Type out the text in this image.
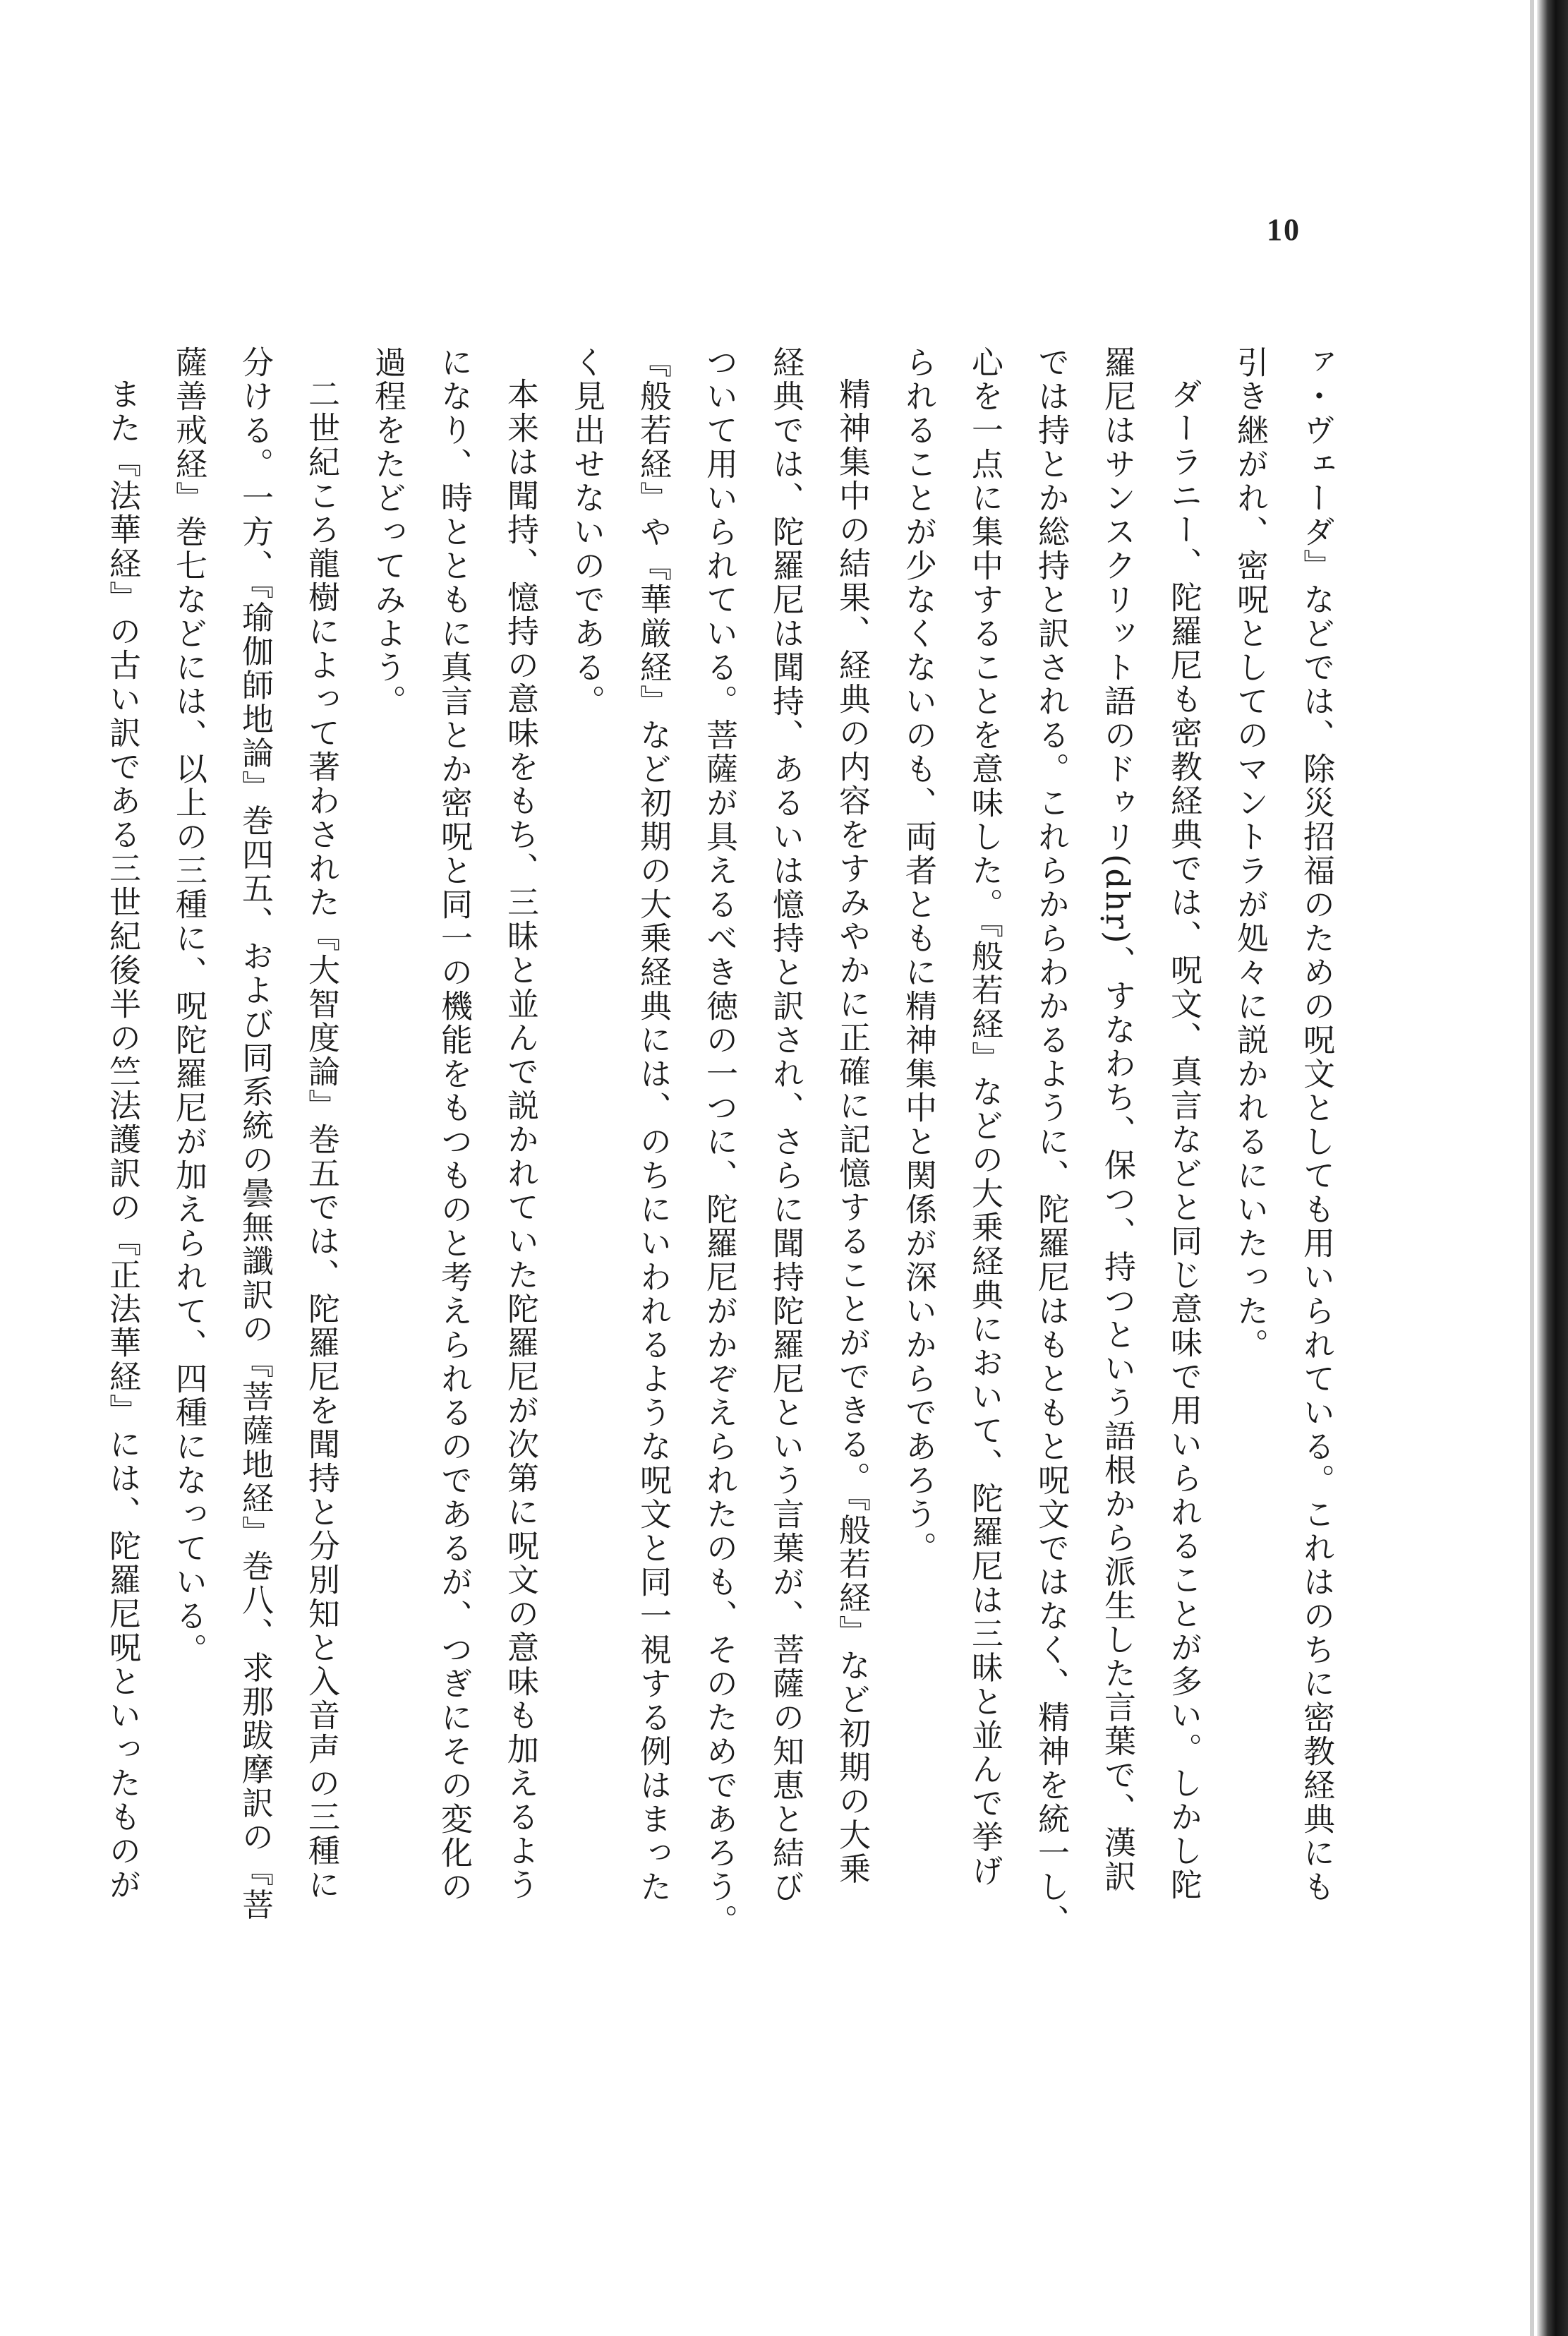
10

ァ・ヴェーダ』などでは、除災招福のための呪文としても用いられている。これはのちに密教経典にも
引き継がれ、密呪としてのマントラが処々に説かれるにいたった。

ダーラニー、陀羅尼も密教経典では、呪文、真言などと同じ意味で用いられることが多い。しかし陀
羅尼はサンスクリット語のドゥリ(dhṛ)、すなわち、保つ、持つという語根から派生した言葉で、漢訳
では持とか総持と訳される。これらからわかるように、陀羅尼はもともと呪文ではなく、精神を統一し、
心を一点に集中することを意味した。『般若経』などの大乗経典において、陀羅尼は三昧と並んで挙げ
られることが少なくないのも、両者ともに精神集中と関係が深いからであろう。

精神集中の結果、経典の内容をすみやかに正確に記憶することができる。『般若経』など初期の大乗
経典では、陀羅尼は聞持、あるいは憶持と訳され、さらに聞持陀羅尼という言葉が、菩薩の知恵と結び
ついて用いられている。菩薩が具えるべき徳の一つに、陀羅尼がかぞえられたのも、そのためであろう。
『般若経』や『華厳経』など初期の大乗経典には、のちにいわれるような呪文と同一視する例はまった
く見出せないのである。

本来は聞持、憶持の意味をもち、三昧と並んで説かれていた陀羅尼が次第に呪文の意味も加えるよう
になり、時とともに真言とか密呪と同一の機能をもつものと考えられるのであるが、つぎにその変化の
過程をたどってみよう。

二世紀ころ龍樹によって著わされた『大智度論』巻五では、陀羅尼を聞持と分別知と入音声の三種に
分ける。一方、『瑜伽師地論』巻四五、および同系統の曇無讖訳の『菩薩地経』巻八、求那跋摩訳の『菩
薩善戒経』巻七などには、以上の三種に、呪陀羅尼が加えられて、四種になっている。

また『法華経』の古い訳である三世紀後半の竺法護訳の『正法華経』には、陀羅尼呪といったものが
